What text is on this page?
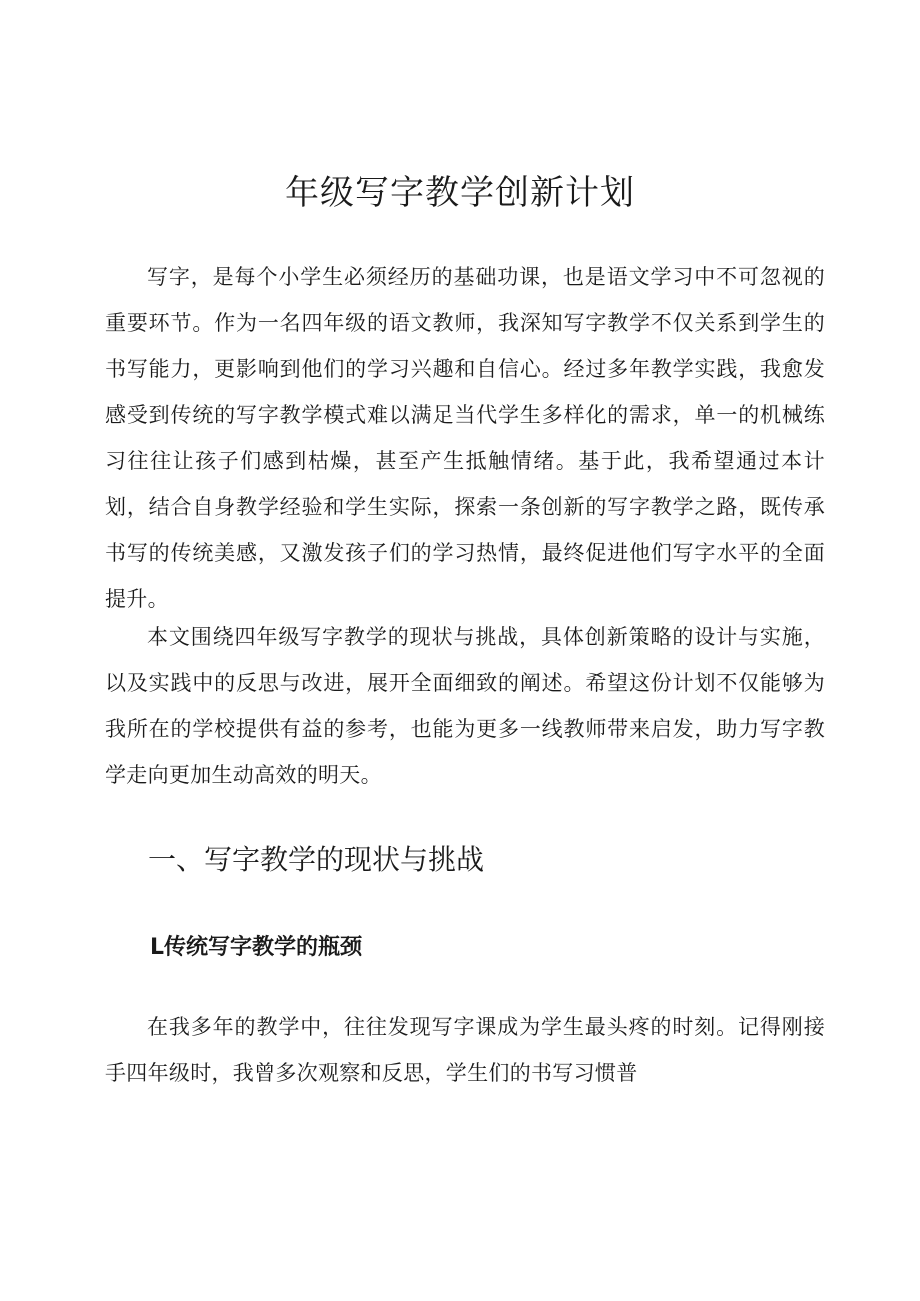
年级写字教学创新计划

写字，是每个小学生必须经历的基础功课，也是语文学习中不可忽视的重要环节。作为一名四年级的语文教师，我深知写字教学不仅关系到学生的书写能力，更影响到他们的学习兴趣和自信心。经过多年教学实践，我愈发感受到传统的写字教学模式难以满足当代学生多样化的需求，单一的机械练习往往让孩子们感到枯燥，甚至产生抵触情绪。基于此，我希望通过本计划，结合自身教学经验和学生实际，探索一条创新的写字教学之路，既传承书写的传统美感，又激发孩子们的学习热情，最终促进他们写字水平的全面提升。

本文围绕四年级写字教学的现状与挑战，具体创新策略的设计与实施，以及实践中的反思与改进，展开全面细致的阐述。希望这份计划不仅能够为我所在的学校提供有益的参考，也能为更多一线教师带来启发，助力写字教学走向更加生动高效的明天。

一、写字教学的现状与挑战
L传统写字教学的瓶颈

在我多年的教学中，往往发现写字课成为学生最头疼的时刻。记得刚接手四年级时，我曾多次观察和反思，学生们的书写习惯普
